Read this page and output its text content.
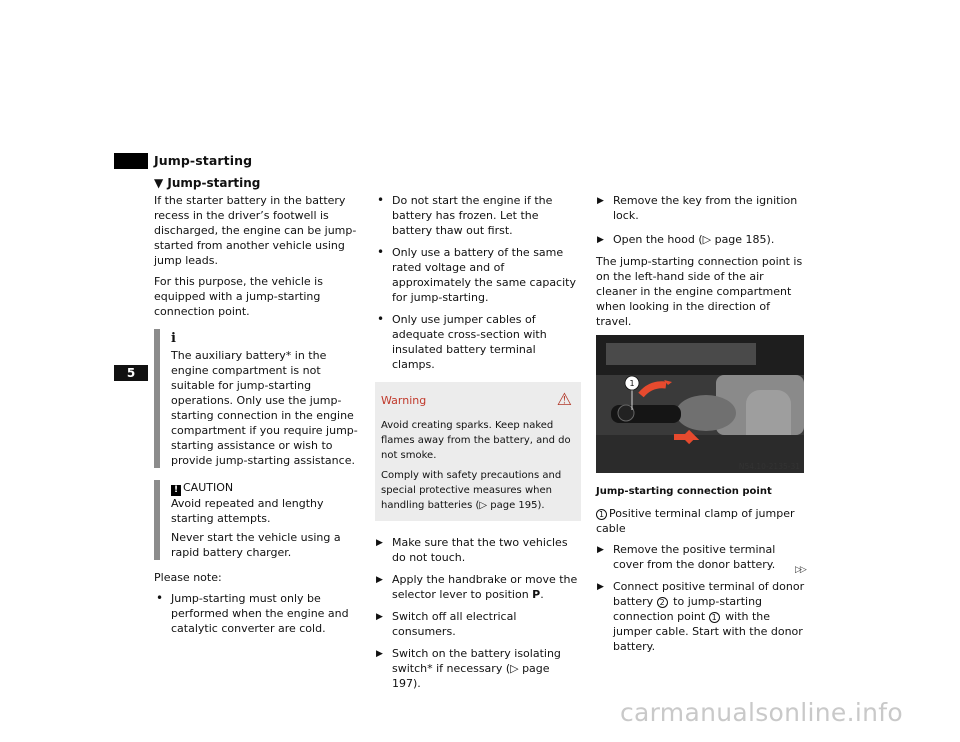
Jump-starting
▼ Jump-starting
5

If the starter battery in the battery recess in the driver’s footwell is discharged, the engine can be jump-started from another vehicle using jump leads.

For this purpose, the vehicle is equipped with a jump-starting connection point.

i
The auxiliary battery* in the engine compartment is not suitable for jump-starting operations. Only use the jump-starting connection in the engine compartment if you require jump-starting assistance or wish to provide jump-starting assistance.
! CAUTION

Avoid repeated and lengthy starting attempts.

Never start the vehicle using a rapid battery charger.

Please note:

• Jump-starting must only be performed when the engine and catalytic converter are cold.
• Do not start the engine if the battery has frozen. Let the battery thaw out first.
• Only use a battery of the same rated voltage and of approximately the same capacity for jump-starting.
• Only use jumper cables of adequate cross-section with insulated battery terminal clamps.
Warning	⚠

Avoid creating sparks. Keep naked flames away from the battery, and do not smoke.

Comply with safety precautions and special protective measures when handling batteries (▷ page 195).

▶ Make sure that the two vehicles do not touch.
▶ Apply the handbrake or move the selector lever to position P.
▶ Switch off all electrical consumers.
▶ Switch on the battery isolating switch* if necessary (▷ page 197).
▶ Remove the key from the ignition lock.
▶ Open the hood (▷ page 185).

The jump-starting connection point is on the left-hand side of the air cleaner in the engine compartment when looking in the direction of travel.

1
N54.10-2135-31
Jump-starting connection point

1 Positive terminal clamp of jumper cable

▶ Remove the positive terminal cover from the donor battery.
▶ Connect positive terminal of donor battery 2 to jump-starting connection point 1 with the jumper cable. Start with the donor battery.
▷▷
carmanualsonline.info
